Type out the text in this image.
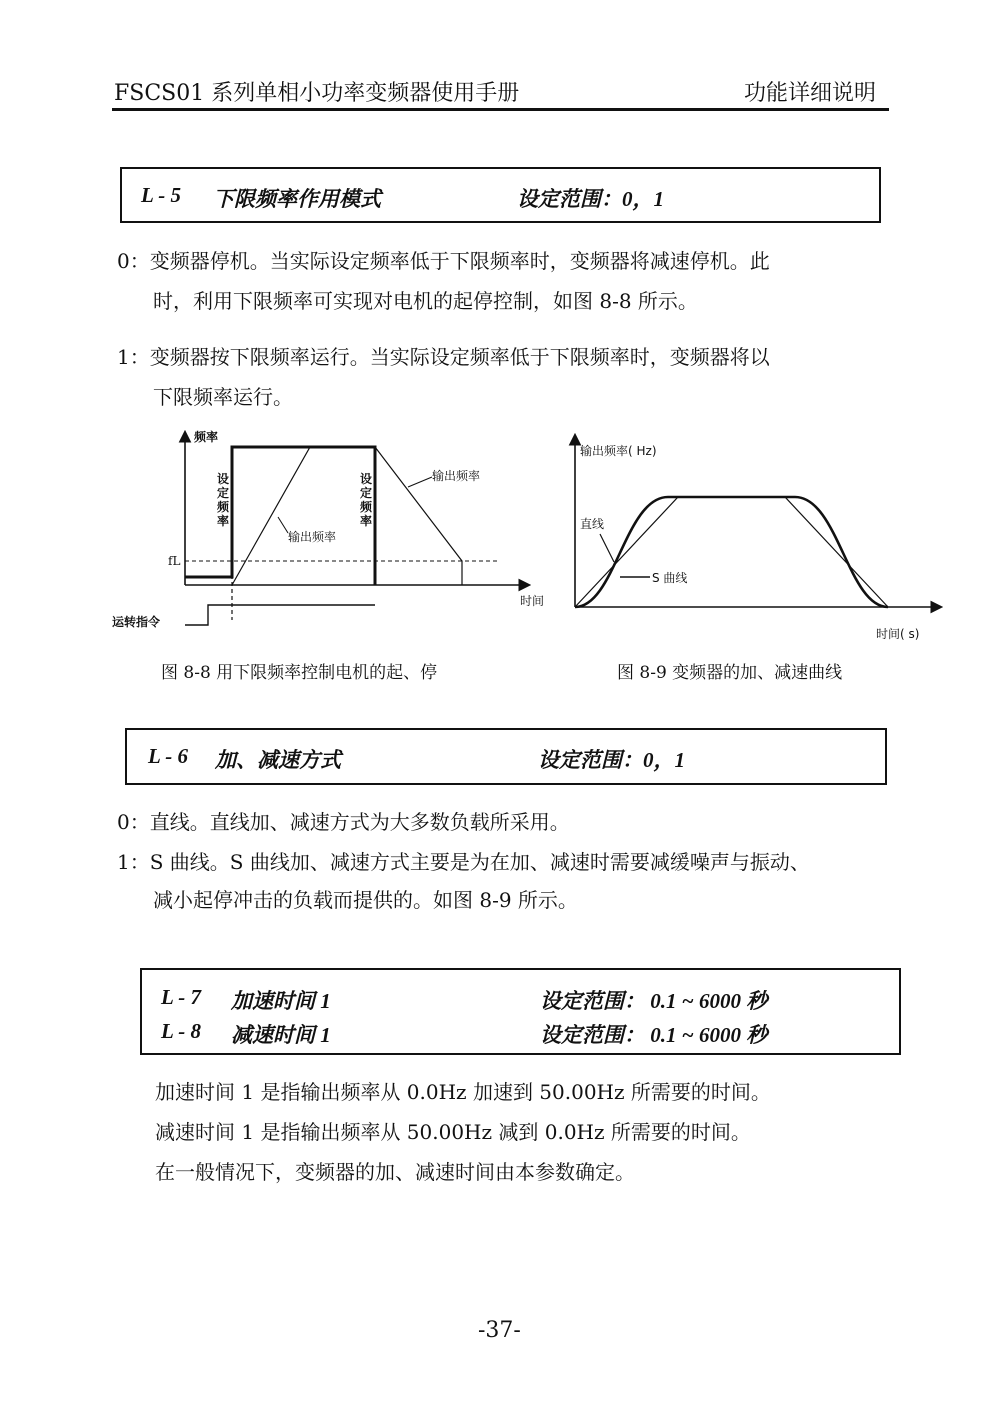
FSCS01 系列单相小功率变频器使用手册	功能详细说明
L - 5 下限频率作用模式	设定范围：0，1
0：变频器停机。当实际设定频率低于下限频率时，变频器将减速停机。此
时，利用下限频率可实现对电机的起停控制，如图 8-8 所示。
1：变频器按下限频率运行。当实际设定频率低于下限频率时，变频器将以
下限频率运行。
频率
时间
fL
设
定
频
率
设
定
频
率
输出频率
输出频率
运转指令
图 8-8 用下限频率控制电机的起、停
输出频率( Hz)
时间( s)
直线
S 曲线
图 8-9 变频器的加、减速曲线
L - 6 加、减速方式	设定范围：0，1
0：直线。直线加、减速方式为大多数负载所采用。
1：S 曲线。S 曲线加、减速方式主要是为在加、减速时需要减缓噪声与振动、
减小起停冲击的负载而提供的。如图 8-9 所示。
L - 7 加速时间 1	设定范围： 0.1 ~ 6000 秒
L - 8 减速时间 1	设定范围： 0.1 ~ 6000 秒
加速时间 1 是指输出频率从 0.0Hz 加速到 50.00Hz 所需要的时间。
减速时间 1 是指输出频率从 50.00Hz 减到 0.0Hz 所需要的时间。
在一般情况下，变频器的加、减速时间由本参数确定。
-37-
